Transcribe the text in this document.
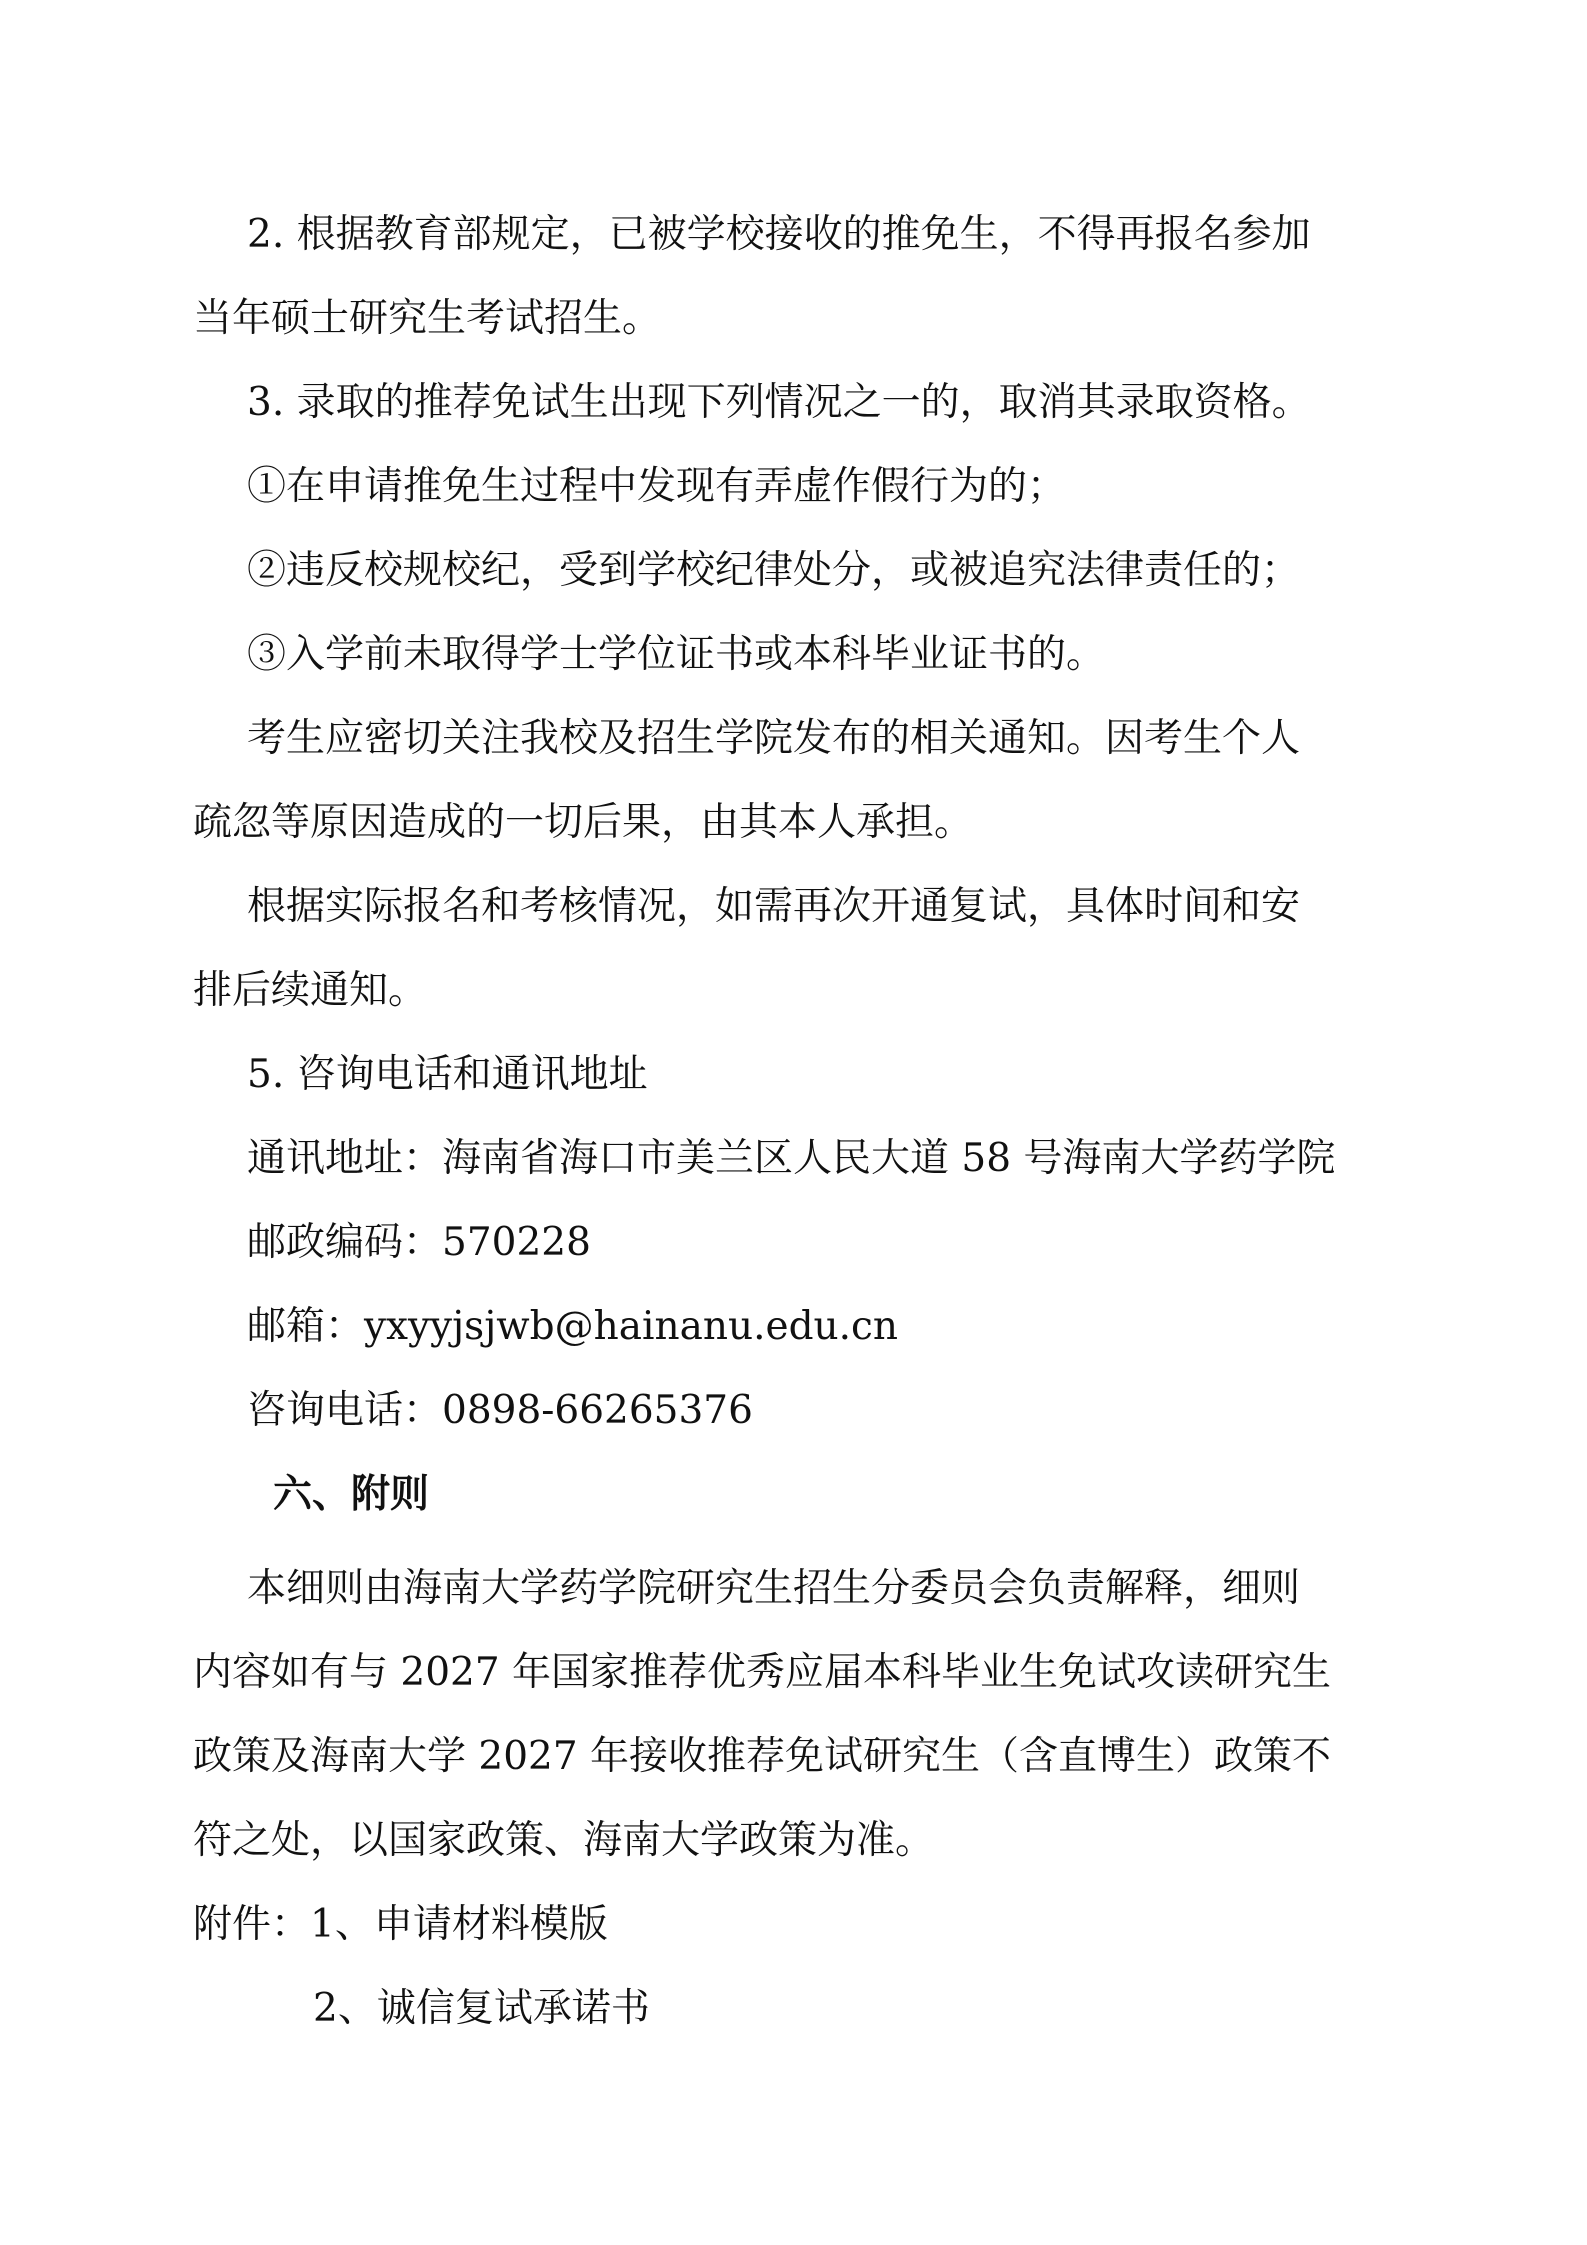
2. 根据教育部规定，已被学校接收的推免生，不得再报名参加
当年硕士研究生考试招生。
3. 录取的推荐免试生出现下列情况之一的，取消其录取资格。
①在申请推免生过程中发现有弄虚作假行为的；
②违反校规校纪，受到学校纪律处分，或被追究法律责任的；
③入学前未取得学士学位证书或本科毕业证书的。
考生应密切关注我校及招生学院发布的相关通知。因考生个人
疏忽等原因造成的一切后果，由其本人承担。
根据实际报名和考核情况，如需再次开通复试，具体时间和安
排后续通知。
5. 咨询电话和通讯地址
通讯地址：海南省海口市美兰区人民大道 58 号海南大学药学院
邮政编码：570228
邮箱：yxyyjsjwb@hainanu.edu.cn
咨询电话：0898-66265376
六、附则
本细则由海南大学药学院研究生招生分委员会负责解释，细则
内容如有与 2027 年国家推荐优秀应届本科毕业生免试攻读研究生
政策及海南大学 2027 年接收推荐免试研究生（含直博生）政策不
符之处，以国家政策、海南大学政策为准。
附件：1、申请材料模版
2、诚信复试承诺书
